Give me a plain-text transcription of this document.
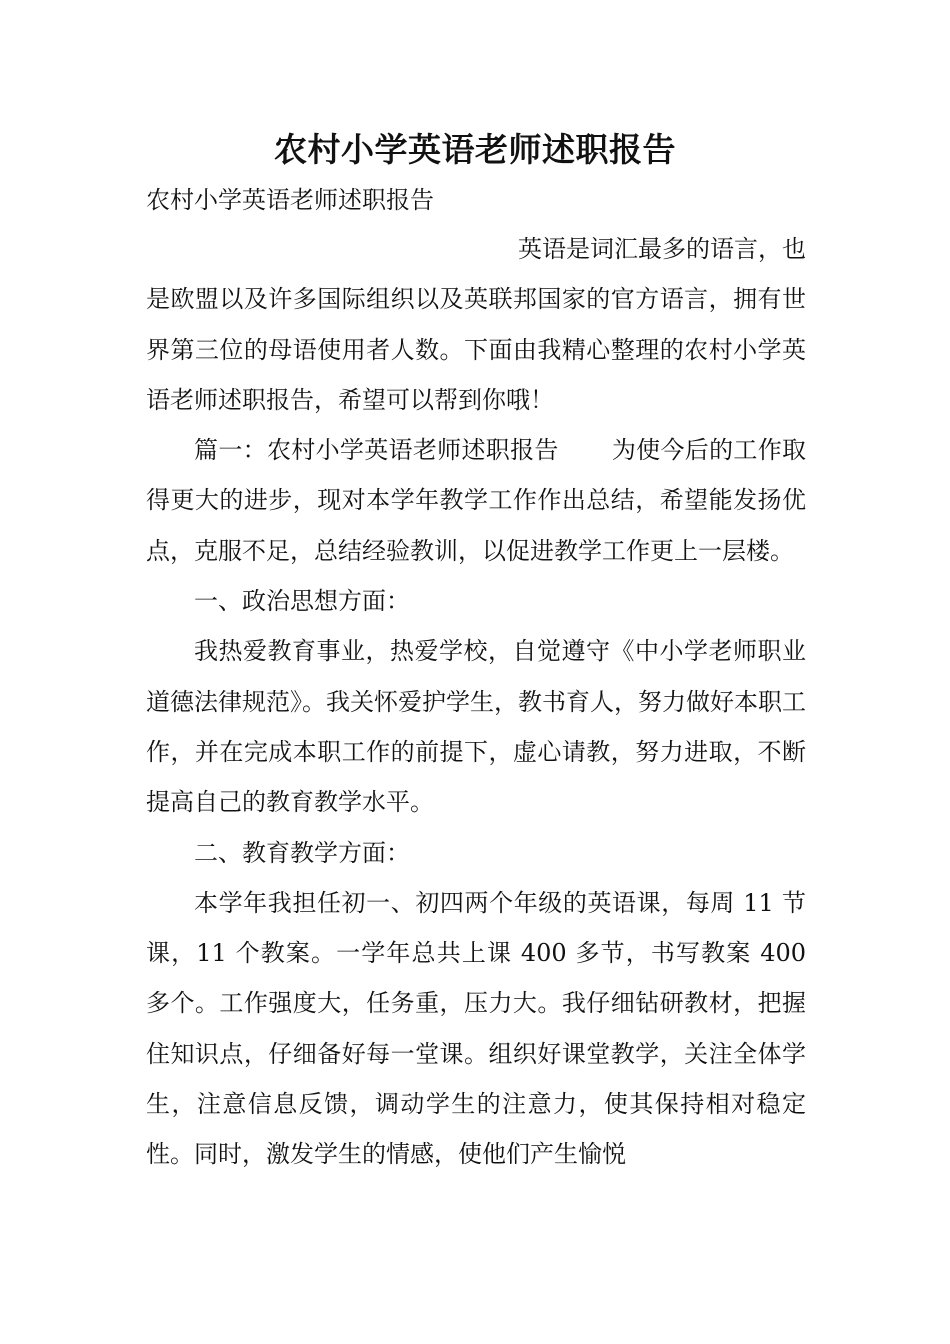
农村小学英语老师述职报告
农村小学英语老师述职报告

英语是词汇最多的语言，也是欧盟以及许多国际组织以及英联邦国家的官方语言，拥有世界第三位的母语使用者人数。下面由我精心整理的农村小学英语老师述职报告，希望可以帮到你哦！

篇一：农村小学英语老师述职报告 为使今后的工作取得更大的进步，现对本学年教学工作作出总结，希望能发扬优点，克服不足，总结经验教训，以促进教学工作更上一层楼。

一、政治思想方面：

我热爱教育事业，热爱学校，自觉遵守《中小学老师职业道德法律规范》。我关怀爱护学生，教书育人，努力做好本职工作，并在完成本职工作的前提下，虚心请教，努力进取，不断提高自己的教育教学水平。

二、教育教学方面：

本学年我担任初一、初四两个年级的英语课，每周 11 节课，11 个教案。一学年总共上课 400 多节，书写教案 400 多个。工作强度大，任务重，压力大。我仔细钻研教材，把握住知识点，仔细备好每一堂课。组织好课堂教学，关注全体学生，注意信息反馈，调动学生的注意力，使其保持相对稳定性。同时，激发学生的情感，使他们产生愉悦
